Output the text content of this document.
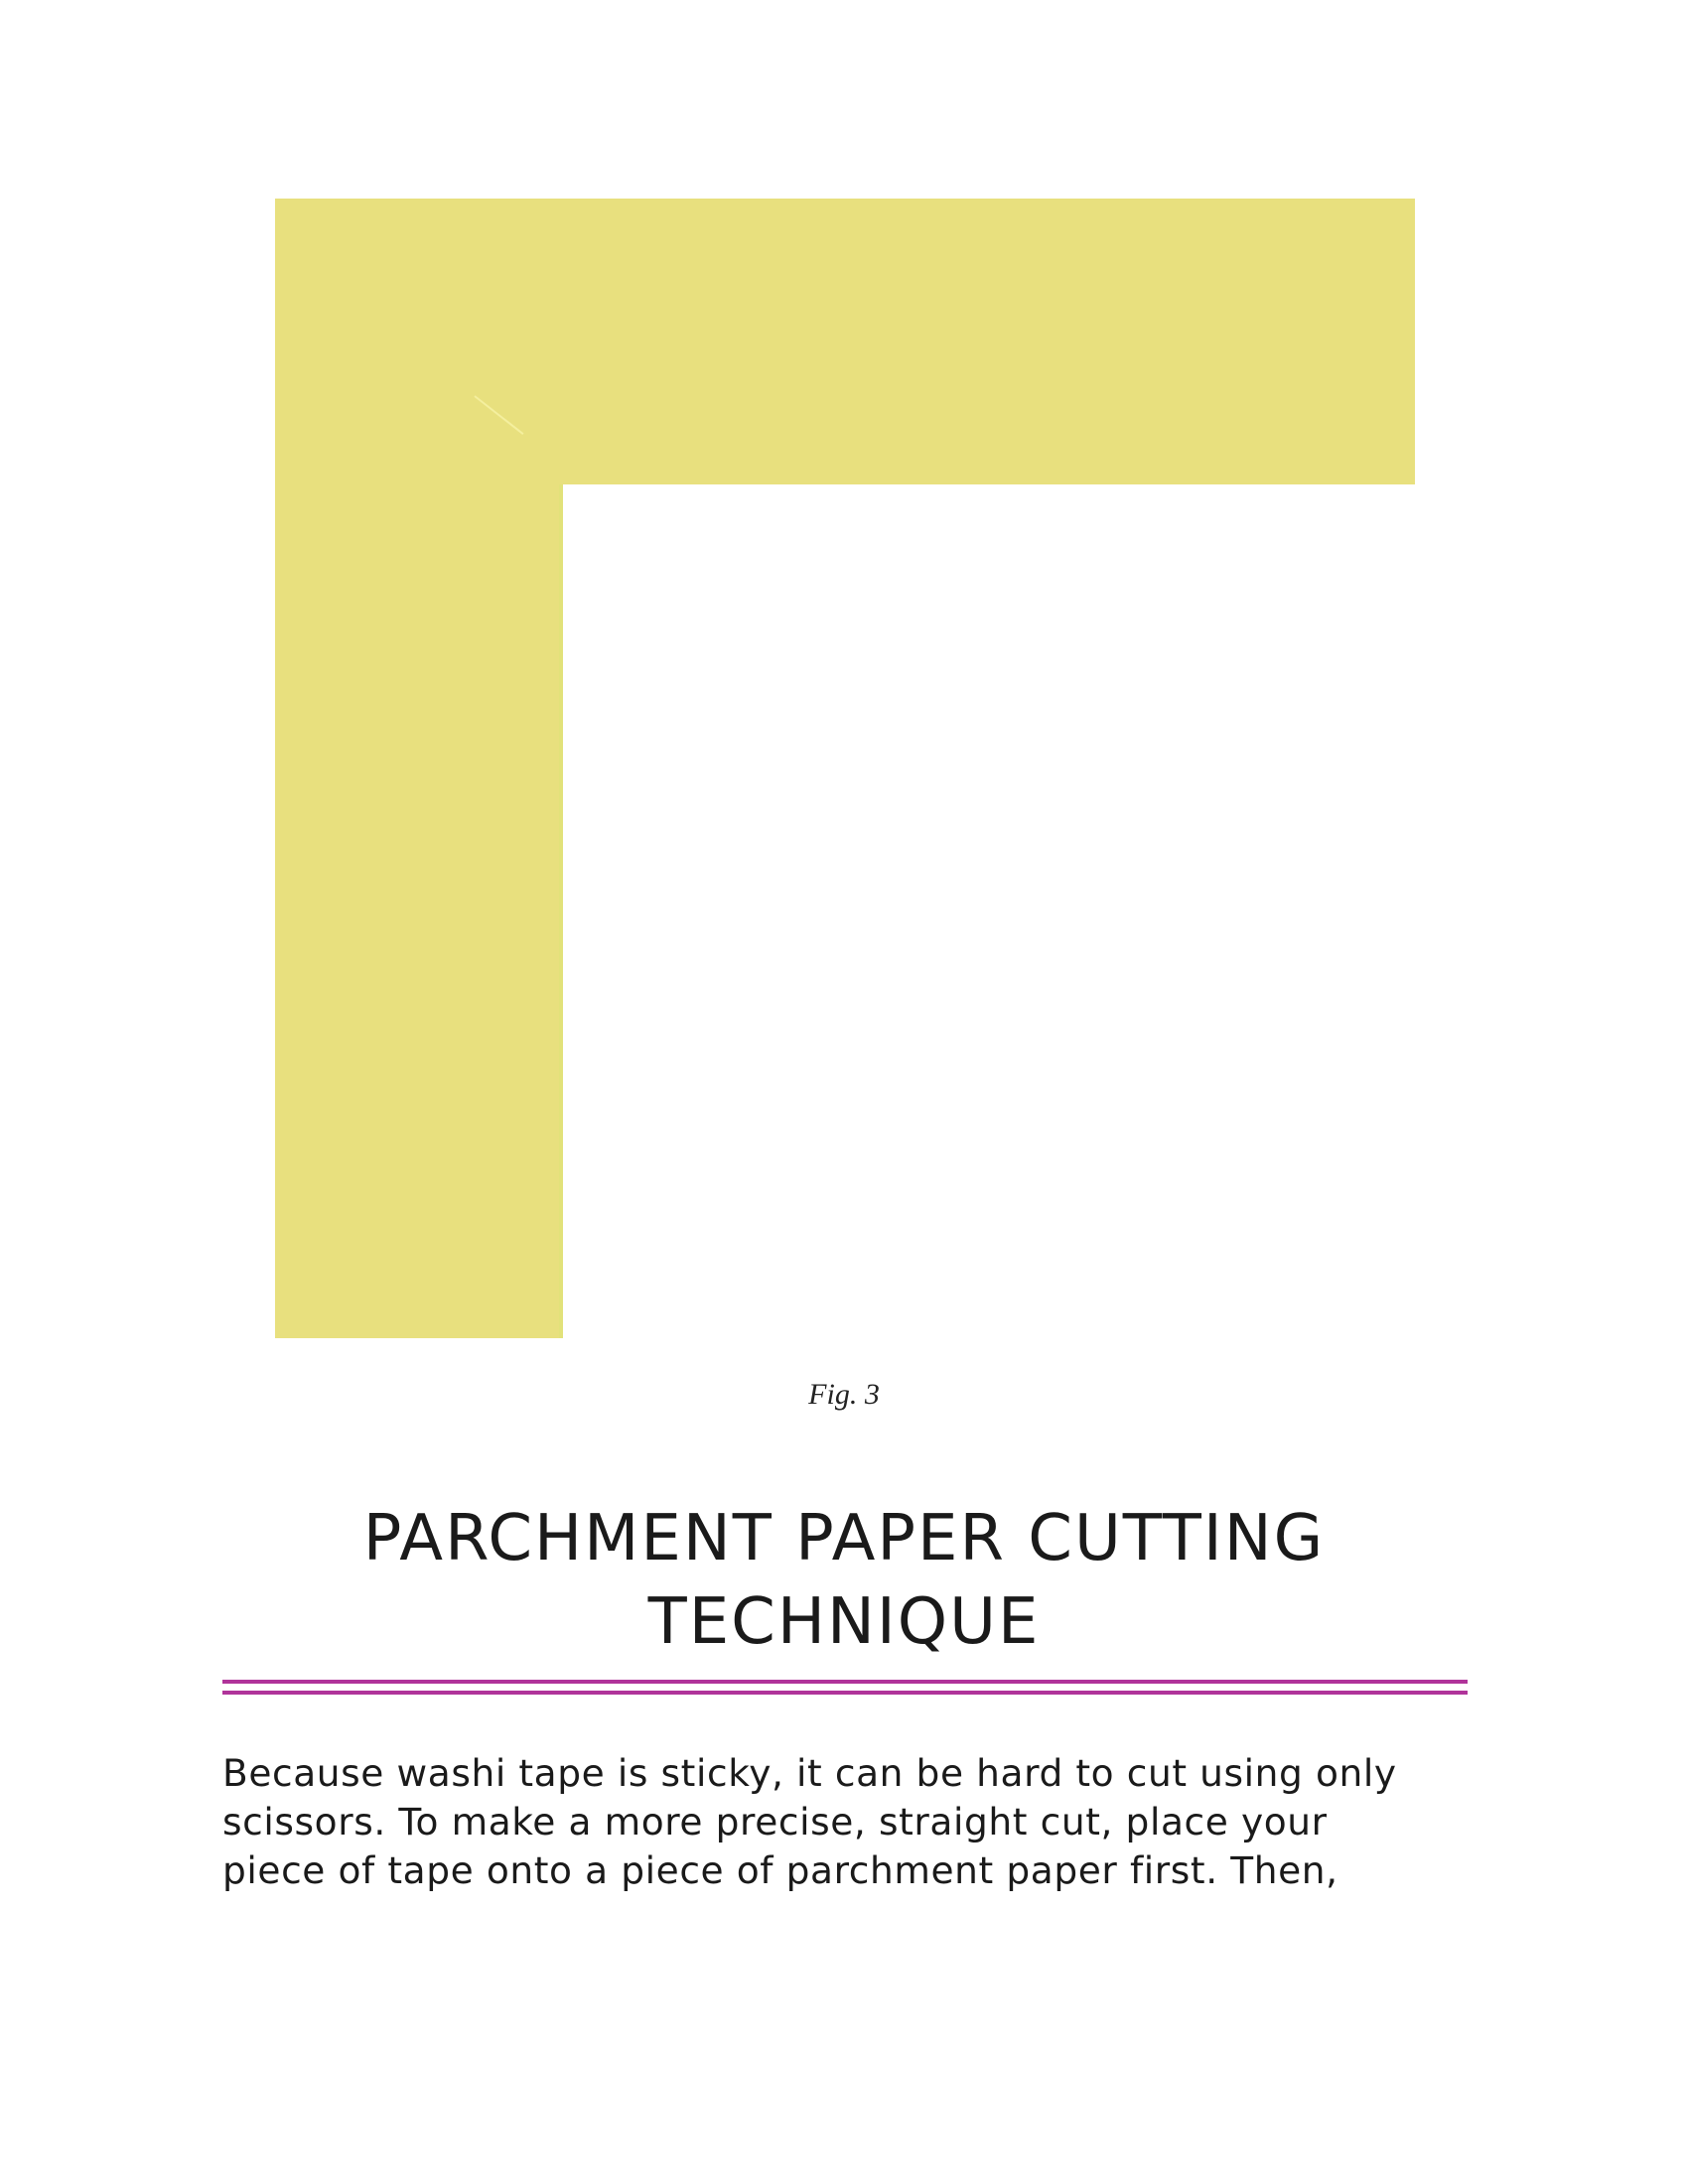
Fig. 3
PARCHMENT PAPER CUTTING
TECHNIQUE

Because washi tape is sticky, it can be hard to cut using only
scissors. To make a more precise, straight cut, place your
piece of tape onto a piece of parchment paper first. Then,
